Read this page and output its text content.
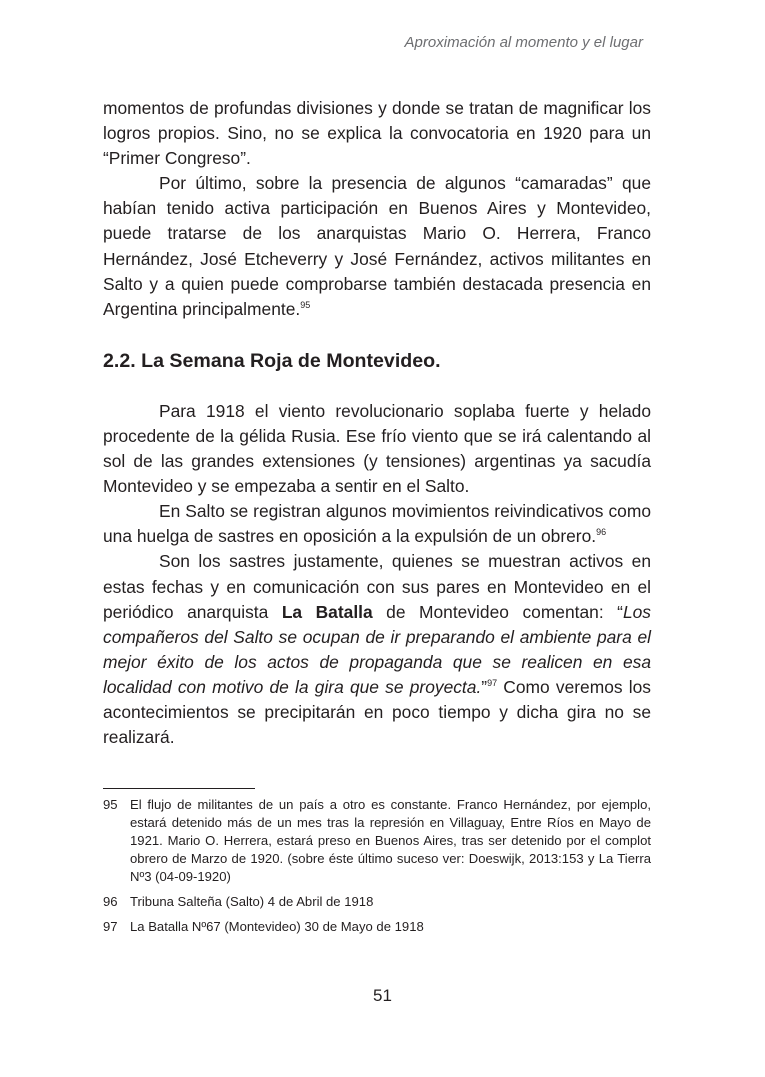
Aproximación al momento y el lugar

momentos de profundas divisiones y donde se tratan de magnificar los logros propios. Sino, no se explica la convocatoria en 1920 para un “Primer Congreso”.

Por último, sobre la presencia de algunos “camaradas” que habían tenido activa participación en Buenos Aires y Montevideo, puede tratarse de los anarquistas Mario O. Herrera, Franco Hernández, José Etcheverry y José Fernández, activos militantes en Salto y a quien puede comprobarse también destacada presencia en Argentina principalmente.$^{95}$

2.2. La Semana Roja de Montevideo.

Para 1918 el viento revolucionario soplaba fuerte y helado procedente de la gélida Rusia. Ese frío viento que se irá calentando al sol de las grandes extensiones (y tensiones) argentinas ya sacudía Montevideo y se empezaba a sentir en el Salto.

En Salto se registran algunos movimientos reivindicativos como una huelga de sastres en oposición a la expulsión de un obrero.$^{96}$

Son los sastres justamente, quienes se muestran activos en estas fechas y en comunicación con sus pares en Montevideo en el periódico anarquista La Batalla de Montevideo comentan: “Los compañeros del Salto se ocupan de ir preparando el ambiente para el mejor éxito de los actos de propaganda que se realicen en esa localidad con motivo de la gira que se proyecta.”$^{97}$ Como veremos los acontecimientos se precipitarán en poco tiempo y dicha gira no se realizará.

95 El flujo de militantes de un país a otro es constante. Franco Hernández, por ejemplo, estará detenido más de un mes tras la represión en Villaguay, Entre Ríos en Mayo de 1921. Mario O. Herrera, estará preso en Buenos Aires, tras ser detenido por el complot obrero de Marzo de 1920. (sobre éste último suceso ver: Doeswijk, 2013:153 y La Tierra Nº3 (04-09-1920)
96 Tribuna Salteña (Salto) 4 de Abril de 1918
97 La Batalla Nº67 (Montevideo) 30 de Mayo de 1918
51
